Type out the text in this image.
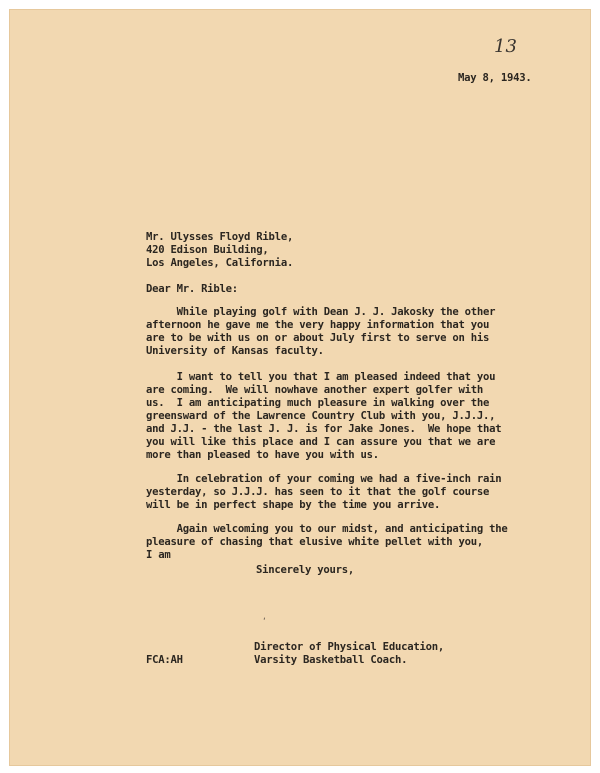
13
May 8, 1943.
Mr. Ulysses Floyd Rible,
420 Edison Building,
Los Angeles, California.
Dear Mr. Rible:
While playing golf with Dean J. J. Jakosky the other
afternoon he gave me the very happy information that you
are to be with us on or about July first to serve on his
University of Kansas faculty.
I want to tell you that I am pleased indeed that you
are coming.  We will nowhave another expert golfer with
us.  I am anticipating much pleasure in walking over the
greensward of the Lawrence Country Club with you, J.J.J.,
and J.J. - the last J. J. is for Jake Jones.  We hope that
you will like this place and I can assure you that we are
more than pleased to have you with us.
In celebration of your coming we had a five-inch rain
yesterday, so J.J.J. has seen to it that the golf course
will be in perfect shape by the time you arrive.
Again welcoming you to our midst, and anticipating the
pleasure of chasing that elusive white pellet with you,
I am
Sincerely yours,
‘
Director of Physical Education,
Varsity Basketball Coach.
FCA:AH
